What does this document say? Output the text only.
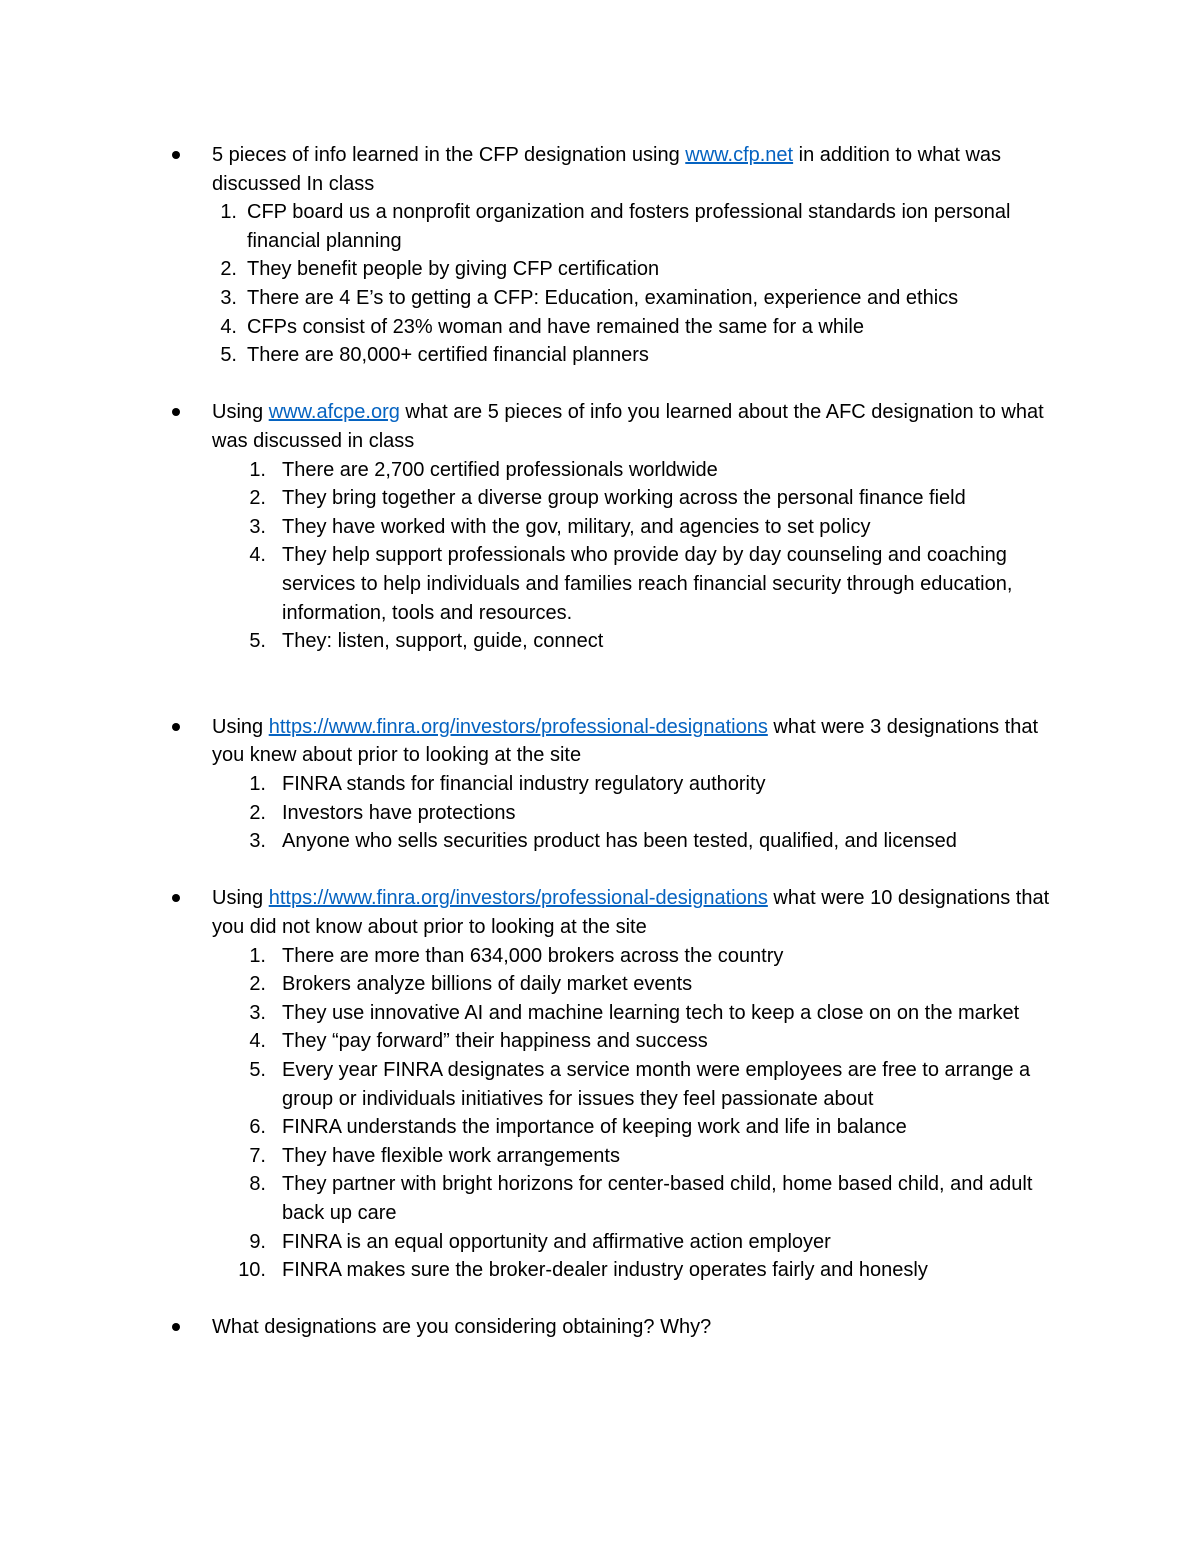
5 pieces of info learned in the CFP designation using www.cfp.net in addition to what was discussed In class
1. CFP board us a nonprofit organization and fosters professional standards ion personal financial planning
2. They benefit people by giving CFP certification
3. There are 4 E’s to getting a CFP: Education, examination, experience and ethics
4. CFPs consist of 23% woman and have remained the same for a while
5. There are 80,000+ certified financial planners
Using www.afcpe.org what are 5 pieces of info you learned about the AFC designation to what was discussed in class
1. There are 2,700 certified professionals worldwide
2. They bring together a diverse group working across the personal finance field
3. They have worked with the gov, military, and agencies to set policy
4. They help support professionals who provide day by day counseling and coaching services to help individuals and families reach financial security through education, information, tools and resources.
5. They: listen, support, guide, connect
Using https://www.finra.org/investors/professional-designations what were 3 designations that you knew about prior to looking at the site
1. FINRA stands for financial industry regulatory authority
2. Investors have protections
3. Anyone who sells securities product has been tested, qualified, and licensed
Using https://www.finra.org/investors/professional-designations what were 10 designations that you did not know about prior to looking at the site
1. There are more than 634,000 brokers across the country
2. Brokers analyze billions of daily market events
3. They use innovative AI and machine learning tech to keep a close on on the market
4. They “pay forward” their happiness and success
5. Every year FINRA designates a service month were employees are free to arrange a group or individuals initiatives for issues they feel passionate about
6. FINRA understands the importance of keeping work and life in balance
7. They have flexible work arrangements
8. They partner with bright horizons for center-based child, home based child, and adult back up care
9. FINRA is an equal opportunity and affirmative action employer
10. FINRA makes sure the broker-dealer industry operates fairly and honesly
What designations are you considering obtaining? Why?
